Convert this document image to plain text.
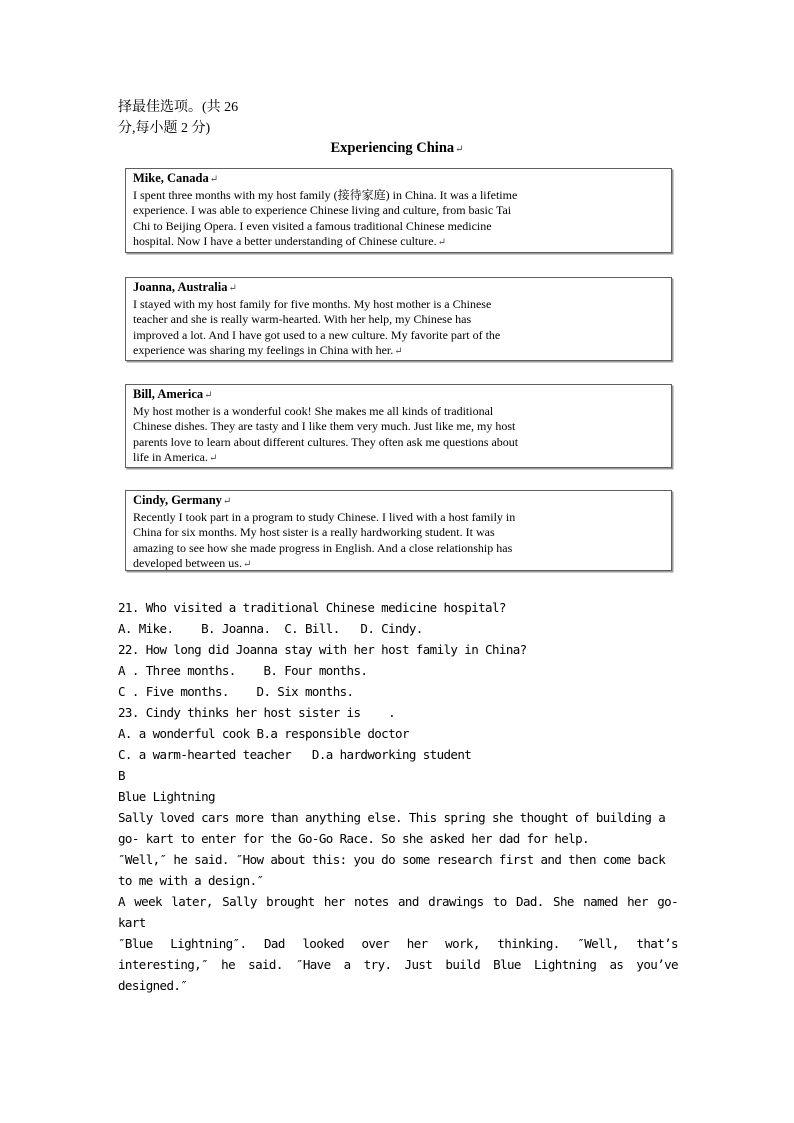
择最佳选项。(共 26
分,每小题 2 分)
Experiencing China↵
Mike, Canada↵
I spent three months with my host family (接待家庭) in China. It was a lifetime
experience. I was able to experience Chinese living and culture, from basic Tai
Chi to Beijing Opera. I even visited a famous traditional Chinese medicine
hospital. Now I have a better understanding of Chinese culture.↵
Joanna, Australia↵
I stayed with my host family for five months. My host mother is a Chinese
teacher and she is really warm-hearted. With her help, my Chinese has
improved a lot. And I have got used to a new culture. My favorite part of the
experience was sharing my feelings in China with her.↵
Bill, America↵
My host mother is a wonderful cook! She makes me all kinds of traditional
Chinese dishes. They are tasty and I like them very much. Just like me, my host
parents love to learn about different cultures. They often ask me questions about
life in America.↵
Cindy, Germany↵
Recently I took part in a program to study Chinese. I lived with a host family in
China for six months. My host sister is a really hardworking student. It was
amazing to see how she made progress in English. And a close relationship has
developed between us.↵
21. Who visited a traditional Chinese medicine hospital?
A. Mike.    B. Joanna.  C. Bill.   D. Cindy.
22. How long did Joanna stay with her host family in China?
A . Three months.    B. Four months.
C . Five months.    D. Six months.
23. Cindy thinks her host sister is    .
A. a wonderful cook B.a responsible doctor
C. a warm-hearted teacher   D.a hardworking student
B
Blue Lightning
Sally loved cars more than anything else. This spring she thought of building a
go- kart to enter for the Go-Go Race. So she asked her dad for help.
″Well,″ he said. ″How about this: you do some research first and then come back
to me with a design.″
A week later, Sally brought her notes and drawings to Dad. She named her go-
kart
″Blue Lightning″. Dad looked over her work, thinking. ″Well, that’s
interesting,″ he said. ″Have a try. Just build Blue Lightning as you’ve
designed.″
